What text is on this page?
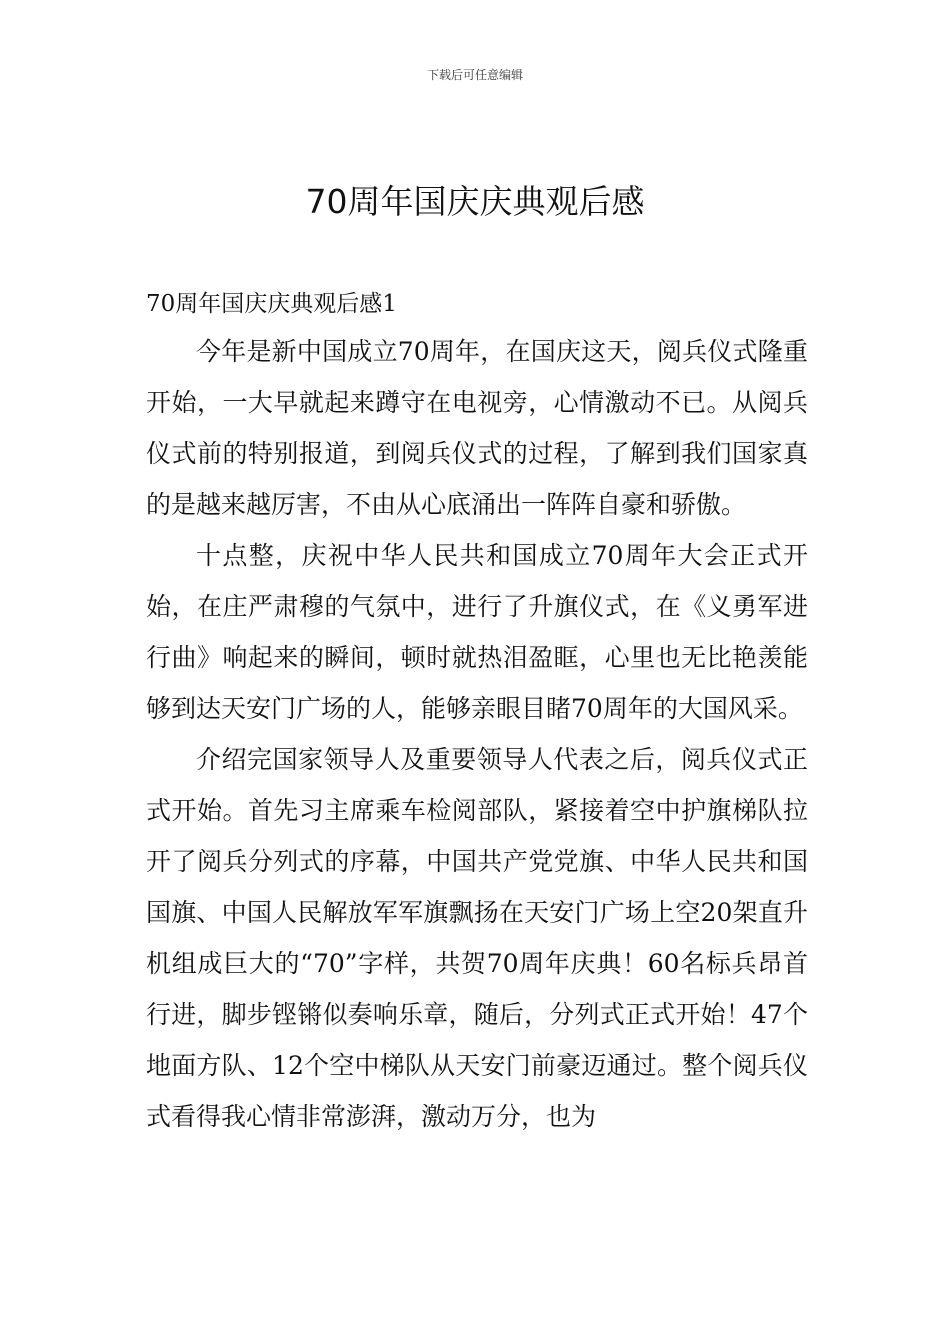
下载后可任意编辑
70周年国庆庆典观后感
70周年国庆庆典观后感1

今年是新中国成立70周年，在国庆这天，阅兵仪式隆重开始，一大早就起来蹲守在电视旁，心情激动不已。从阅兵仪式前的特别报道，到阅兵仪式的过程，了解到我们国家真的是越来越厉害，不由从心底涌出一阵阵自豪和骄傲。

十点整，庆祝中华人民共和国成立70周年大会正式开始，在庄严肃穆的气氛中，进行了升旗仪式，在《义勇军进行曲》响起来的瞬间，顿时就热泪盈眶，心里也无比艳羡能够到达天安门广场的人，能够亲眼目睹70周年的大国风采。

介绍完国家领导人及重要领导人代表之后，阅兵仪式正式开始。首先习主席乘车检阅部队，紧接着空中护旗梯队拉开了阅兵分列式的序幕，中国共产党党旗、中华人民共和国国旗、中国人民解放军军旗飘扬在天安门广场上空20架直升机组成巨大的“70”字样，共贺70周年庆典！60名标兵昂首行进，脚步铿锵似奏响乐章，随后，分列式正式开始！47个地面方队、12个空中梯队从天安门前豪迈通过。整个阅兵仪式看得我心情非常澎湃，激动万分，也为
